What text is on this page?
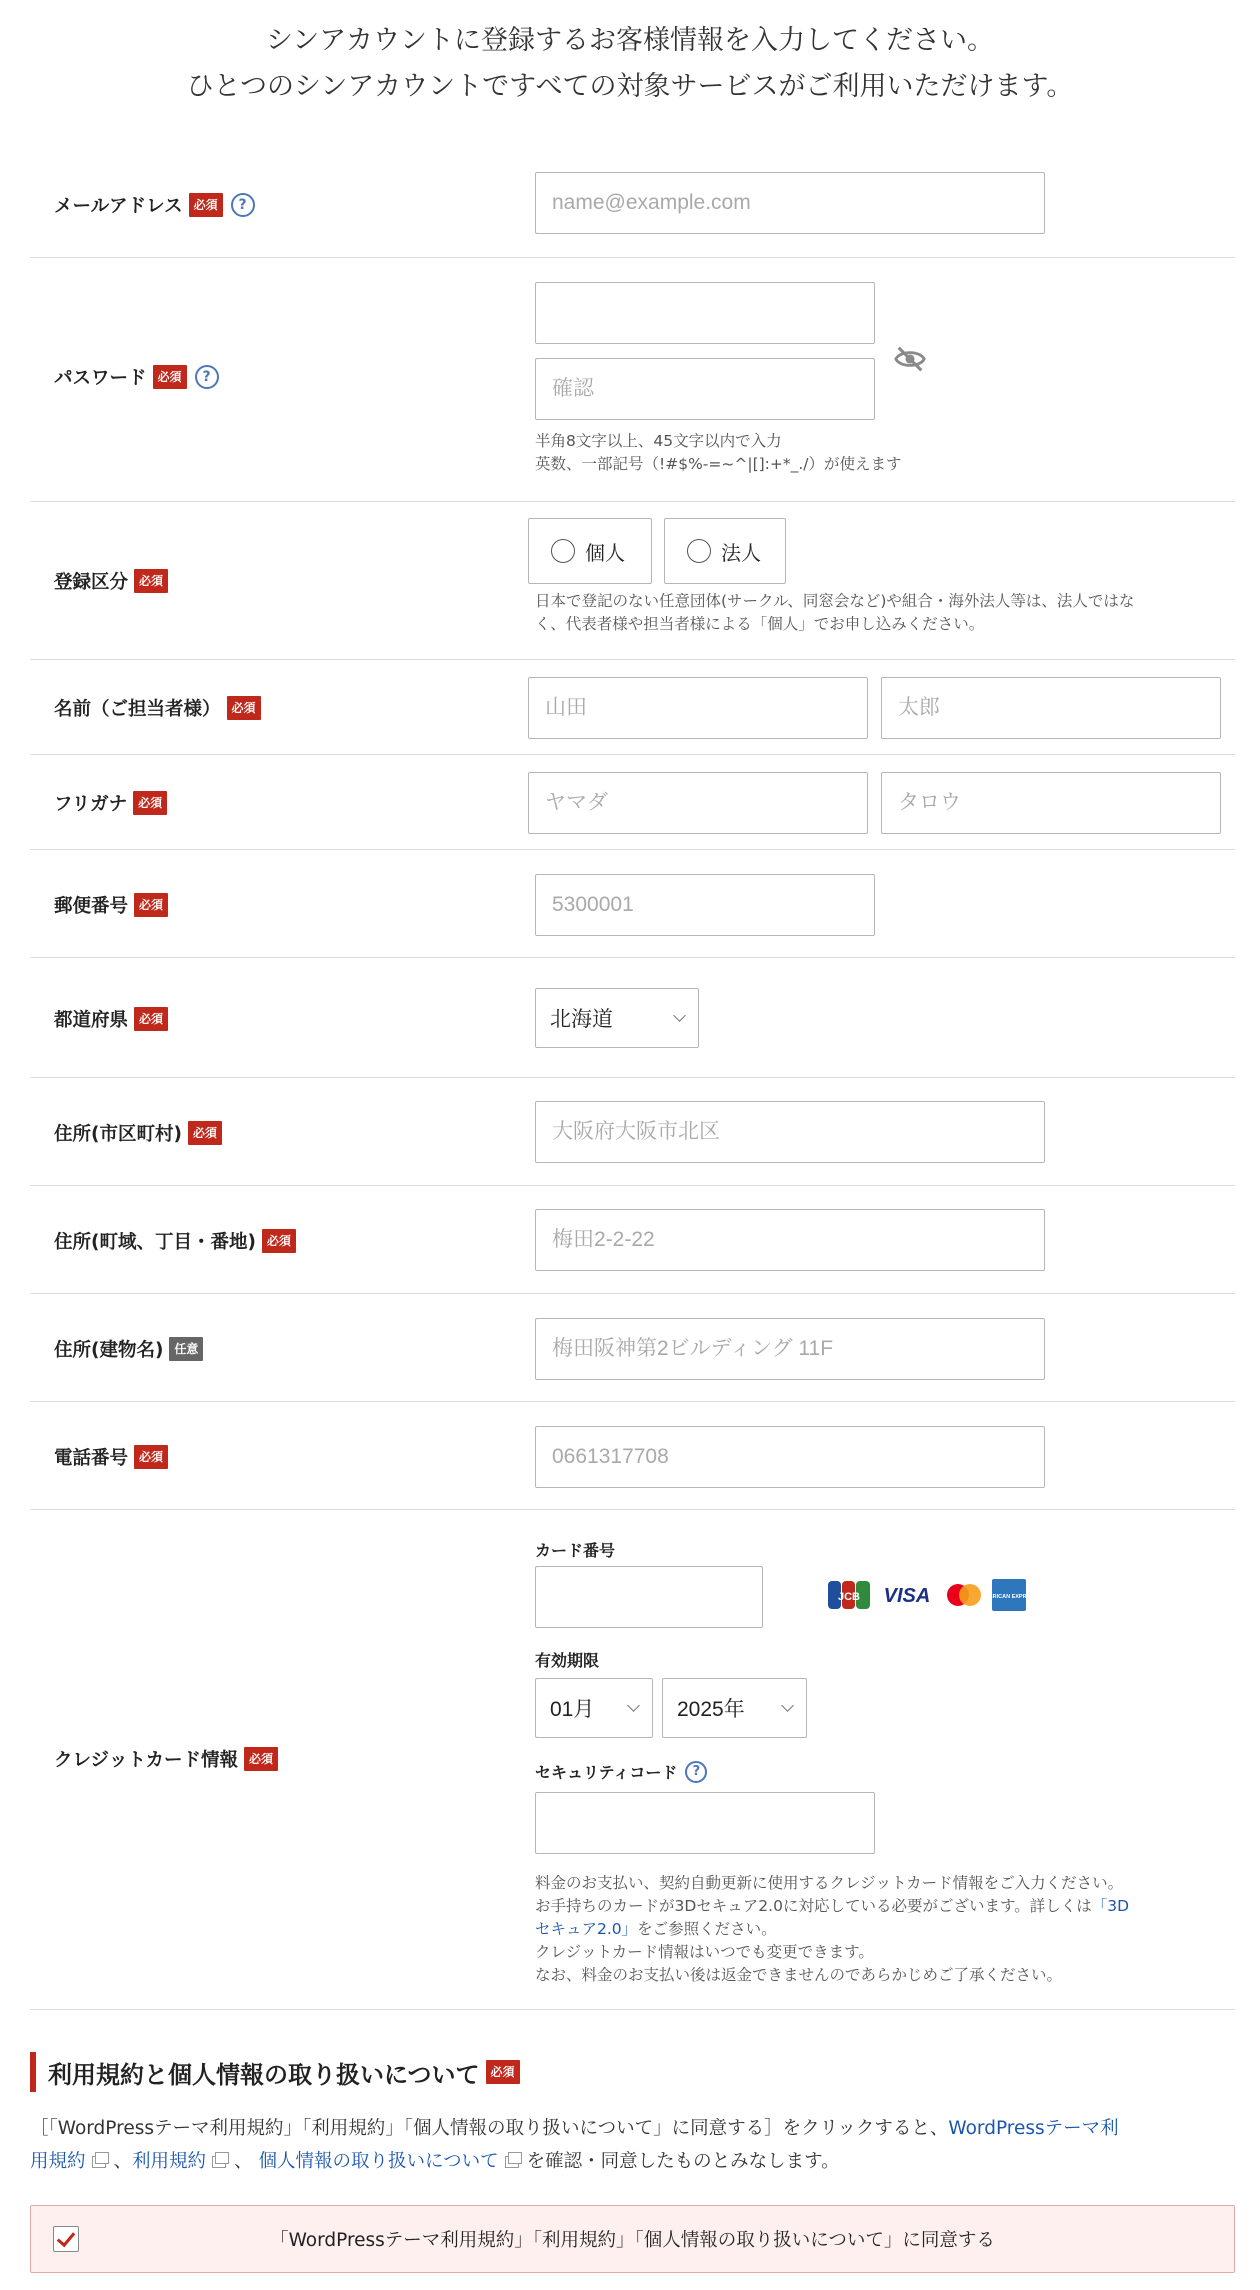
シンアカウントに登録するお客様情報を入力してください。
ひとつのシンアカウントですべての対象サービスがご利用いただけます。
メールアドレス 必須	?
name@example.com
パスワード 必須	?
確認
半角8文字以上、45文字以内で入力
英数、一部記号（!#$%-=~^|[]:+*_./）が使えます
登録区分 必須
個人	法人
日本で登記のない任意団体(サークル、同窓会など)や組合・海外法人等は、法人ではな
く、代表者様や担当者様による「個人」でお申し込みください。
名前（ご担当者様） 必須
山田
太郎
フリガナ 必須
ヤマダ
タロウ
郵便番号 必須
5300001
都道府県 必須	北海道
住所(市区町村) 必須
大阪府大阪市北区
住所(町域、丁目・番地) 必須
梅田2-2-22
住所(建物名) 任意
梅田阪神第2ビルディング 11F
電話番号 必須
0661317708
クレジットカード情報 必須
カード番号
JCB VISA	AMERICAN EXPRESS
有効期限
01月	2025年
セキュリティコード	?
料金のお支払い、契約自動更新に使用するクレジットカード情報をご入力ください。
お手持ちのカードが3Dセキュア2.0に対応している必要がございます。詳しくは「3D
セキュア2.0」をご参照ください。
クレジットカード情報はいつでも変更できます。
なお、料金のお支払い後は返金できませんのであらかじめご了承ください。
利用規約と個人情報の取り扱いについて 必須
［「WordPressテーマ利用規約」「利用規約」「個人情報の取り扱いについて」に同意する］をクリックすると、WordPressテーマ利
用規約 、利用規約 、 個人情報の取り扱いについて を確認・同意したものとみなします。
「WordPressテーマ利用規約」「利用規約」「個人情報の取り扱いについて」に同意する
